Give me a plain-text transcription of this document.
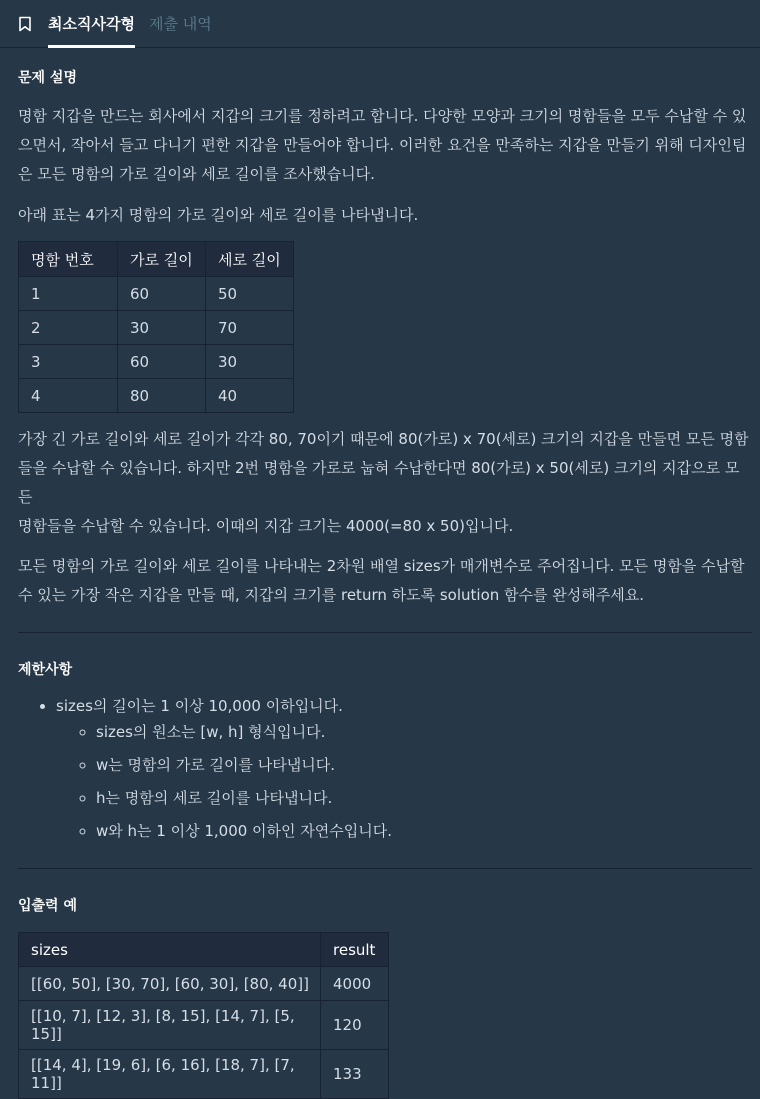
최소직사각형 제출 내역
문제 설명

명함 지갑을 만드는 회사에서 지갑의 크기를 정하려고 합니다. 다양한 모양과 크기의 명함들을 모두 수납할 수 있

으면서, 작아서 들고 다니기 편한 지갑을 만들어야 합니다. 이러한 요건을 만족하는 지갑을 만들기 위해 디자인팀

은 모든 명함의 가로 길이와 세로 길이를 조사했습니다.

아래 표는 4가지 명함의 가로 길이와 세로 길이를 나타냅니다.

명함 번호	가로 길이	세로 길이
1	60	50
2	30	70
3	60	30
4	80	40

가장 긴 가로 길이와 세로 길이가 각각 80, 70이기 때문에 80(가로) x 70(세로) 크기의 지갑을 만들면 모든 명함

들을 수납할 수 있습니다. 하지만 2번 명함을 가로로 눕혀 수납한다면 80(가로) x 50(세로) 크기의 지갑으로 모든

명함들을 수납할 수 있습니다. 이때의 지갑 크기는 4000(=80 x 50)입니다.

모든 명함의 가로 길이와 세로 길이를 나타내는 2차원 배열 sizes가 매개변수로 주어집니다. 모든 명함을 수납할

수 있는 가장 작은 지갑을 만들 때, 지갑의 크기를 return 하도록 solution 함수를 완성해주세요.

제한사항
• sizes의 길이는 1 이상 10,000 이하입니다.
◦ sizes의 원소는 [w, h] 형식입니다.
◦ w는 명함의 가로 길이를 나타냅니다.
◦ h는 명함의 세로 길이를 나타냅니다.
◦ w와 h는 1 이상 1,000 이하인 자연수입니다.
입출력 예
sizes	result
[[60, 50], [30, 70], [60, 30], [80, 40]]	4000
[[10, 7], [12, 3], [8, 15], [14, 7], [5, 15]]	120
[[14, 4], [19, 6], [6, 16], [18, 7], [7, 11]]	133
